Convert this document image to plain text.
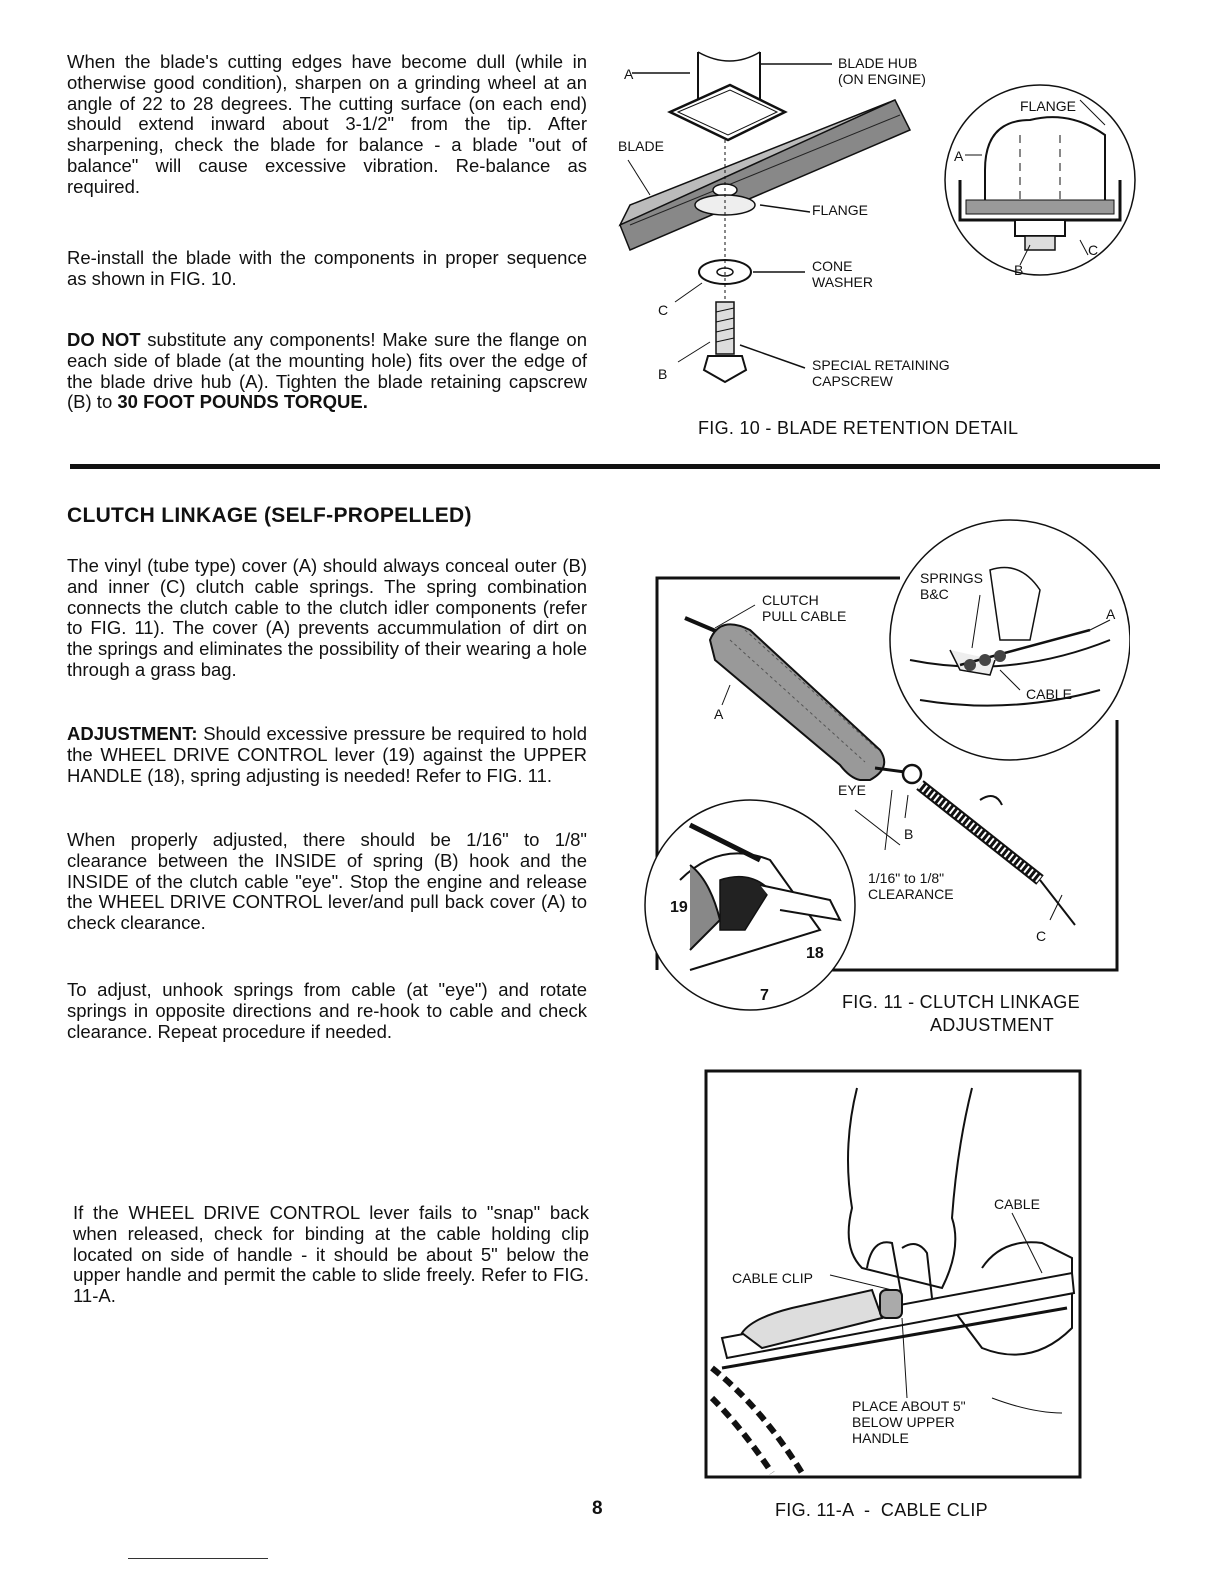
When the blade's cutting edges have become dull (while in otherwise good condition), sharpen on a grinding wheel at an angle of 22 to 28 degrees. The cutting surface (on each end) should extend inward about 3-1/2" from the tip. After sharpening, check the blade for balance - a blade "out of balance" will cause excessive vibration. Re-balance as required.
Re-install the blade with the components in proper sequence as shown in FIG. 10.
DO NOT substitute any components! Make sure the flange on each side of blade (at the mounting hole) fits over the edge of the blade drive hub (A). Tighten the blade retaining capscrew (B) to 30 FOOT POUNDS TORQUE.
A
BLADE HUB
(ON ENGINE)
BLADE
FLANGE
CONE
WASHER
C
B
SPECIAL RETAINING
CAPSCREW
FLANGE
A
B
C
FIG. 10 - BLADE RETENTION DETAIL
CLUTCH LINKAGE (SELF-PROPELLED)
The vinyl (tube type) cover (A) should always conceal outer (B) and inner (C) clutch cable springs. The spring combination connects the clutch cable to the clutch idler components (refer to FIG. 11). The cover (A) prevents accummulation of dirt on the springs and eliminates the possibility of their wearing a hole through a grass bag.
ADJUSTMENT: Should excessive pressure be required to hold the WHEEL DRIVE CONTROL lever (19) against the UPPER HANDLE (18), spring adjusting is needed! Refer to FIG. 11.
When properly adjusted, there should be 1/16" to 1/8" clearance between the INSIDE of spring (B) hook and the INSIDE of the clutch cable "eye". Stop the engine and release the WHEEL DRIVE CONTROL lever/and pull back cover (A) to check clearance.
To adjust, unhook springs from cable (at "eye") and rotate springs in opposite directions and re-hook to cable and check clearance. Repeat procedure if needed.
If the WHEEL DRIVE CONTROL lever fails to "snap" back when released, check for binding at the cable holding clip located on side of handle - it should be about 5" below the upper handle and permit the cable to slide freely. Refer to FIG. 11-A.
CLUTCH
PULL CABLE
SPRINGS
B&C
A
CABLE
A
EYE
B
1/16" to 1/8"
CLEARANCE
C
19
18
7	FIG. 11 - CLUTCH LINKAGE
ADJUSTMENT
CABLE
CABLE CLIP
PLACE ABOUT 5"
BELOW UPPER
HANDLE
FIG. 11-A  -  CABLE CLIP
8
